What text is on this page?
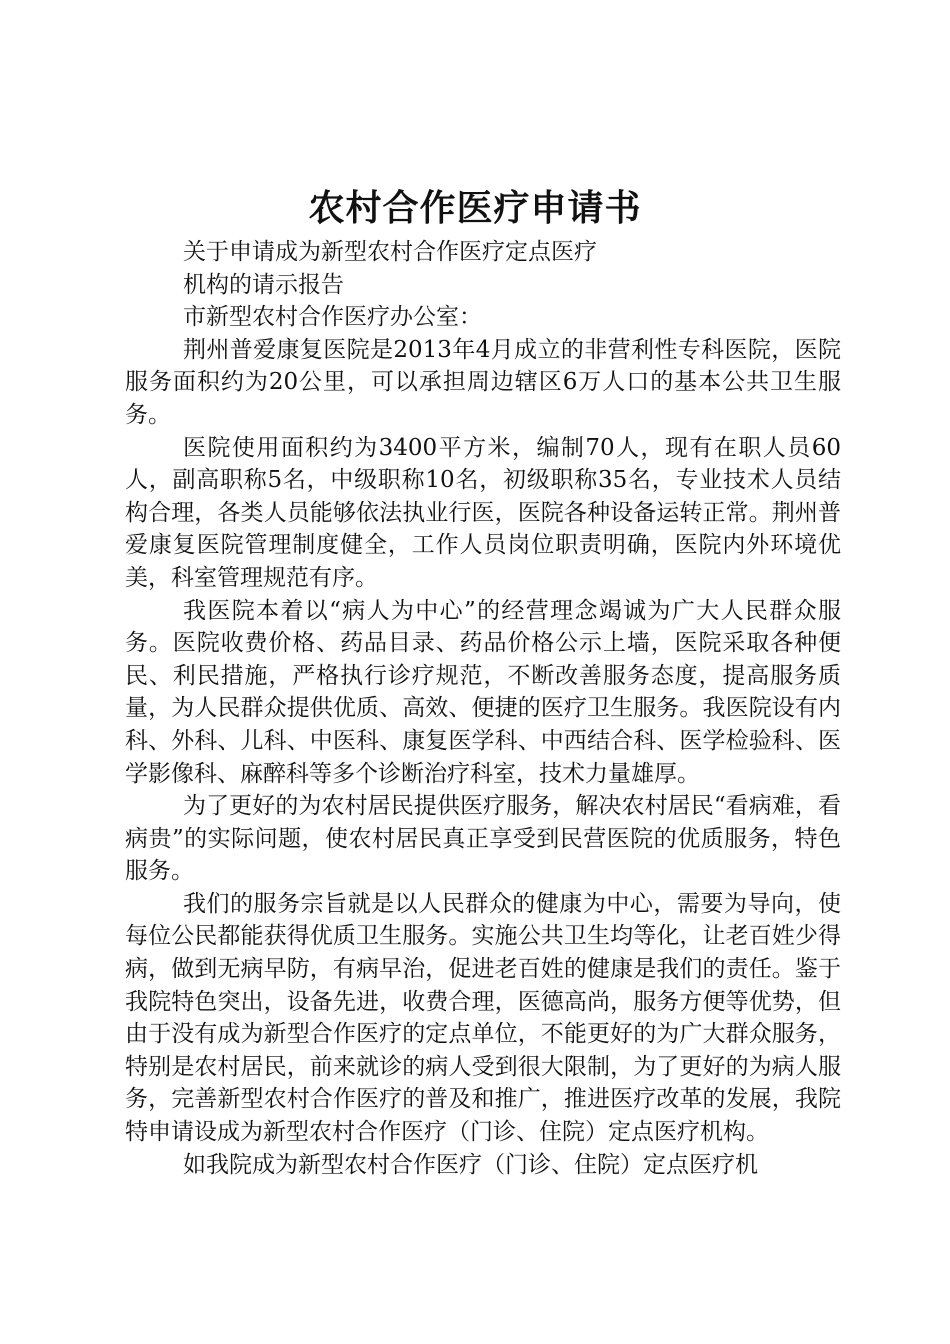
农村合作医疗申请书

关于申请成为新型农村合作医疗定点医疗

机构的请示报告

市新型农村合作医疗办公室：

荆州普爱康复医院是2013年4月成立的非营利性专科医院，医院服务面积约为20公里，可以承担周边辖区6万人口的基本公共卫生服务。

医院使用面积约为3400平方米，编制70人，现有在职人员60人，副高职称5名，中级职称10名，初级职称35名，专业技术人员结构合理，各类人员能够依法执业行医，医院各种设备运转正常。荆州普爱康复医院管理制度健全，工作人员岗位职责明确，医院内外环境优美，科室管理规范有序。

我医院本着以“病人为中心”的经营理念竭诚为广大人民群众服务。医院收费价格、药品目录、药品价格公示上墙，医院采取各种便民、利民措施，严格执行诊疗规范，不断改善服务态度，提高服务质量，为人民群众提供优质、高效、便捷的医疗卫生服务。我医院设有内科、外科、儿科、中医科、康复医学科、中西结合科、医学检验科、医学影像科、麻醉科等多个诊断治疗科室，技术力量雄厚。

为了更好的为农村居民提供医疗服务，解决农村居民“看病难，看病贵”的实际问题，使农村居民真正享受到民营医院的优质服务，特色服务。

我们的服务宗旨就是以人民群众的健康为中心，需要为导向，使每位公民都能获得优质卫生服务。实施公共卫生均等化，让老百姓少得病，做到无病早防，有病早治，促进老百姓的健康是我们的责任。鉴于我院特色突出，设备先进，收费合理，医德高尚，服务方便等优势，但由于没有成为新型合作医疗的定点单位，不能更好的为广大群众服务，特别是农村居民，前来就诊的病人受到很大限制，为了更好的为病人服务，完善新型农村合作医疗的普及和推广，推进医疗改革的发展，我院特申请设成为新型农村合作医疗（门诊、住院）定点医疗机构。

如我院成为新型农村合作医疗（门诊、住院）定点医疗机
